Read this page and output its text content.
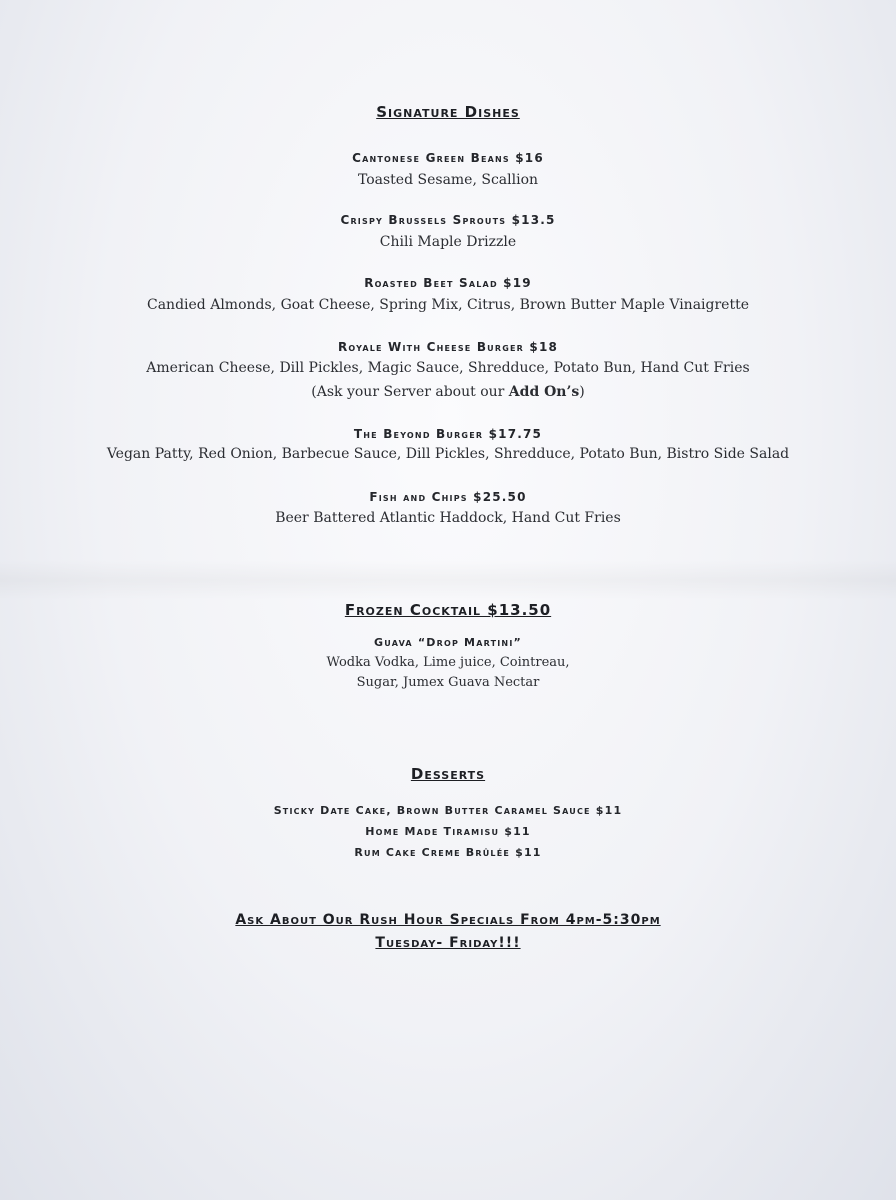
Signature Dishes
Cantonese Green Beans $16
Toasted Sesame, Scallion
Crispy Brussels Sprouts $13.5
Chili Maple Drizzle
Roasted Beet Salad $19
Candied Almonds, Goat Cheese, Spring Mix, Citrus, Brown Butter Maple Vinaigrette
Royale With Cheese Burger $18
American Cheese, Dill Pickles, Magic Sauce, Shredduce, Potato Bun, Hand Cut Fries
(Ask your Server about our Add On’s)
The Beyond Burger $17.75
Vegan Patty, Red Onion, Barbecue Sauce, Dill Pickles, Shredduce, Potato Bun, Bistro Side Salad
Fish and Chips $25.50
Beer Battered Atlantic Haddock, Hand Cut Fries
Frozen Cocktail $13.50
Guava “Drop Martini”
Wodka Vodka, Lime juice, Cointreau,
Sugar, Jumex Guava Nectar
Desserts
Sticky Date Cake, Brown Butter Caramel Sauce $11
Home Made Tiramisu $11
Rum Cake Creme Brûlée $11
Ask About Our Rush Hour Specials From 4pm-5:30pm
Tuesday- Friday!!!
